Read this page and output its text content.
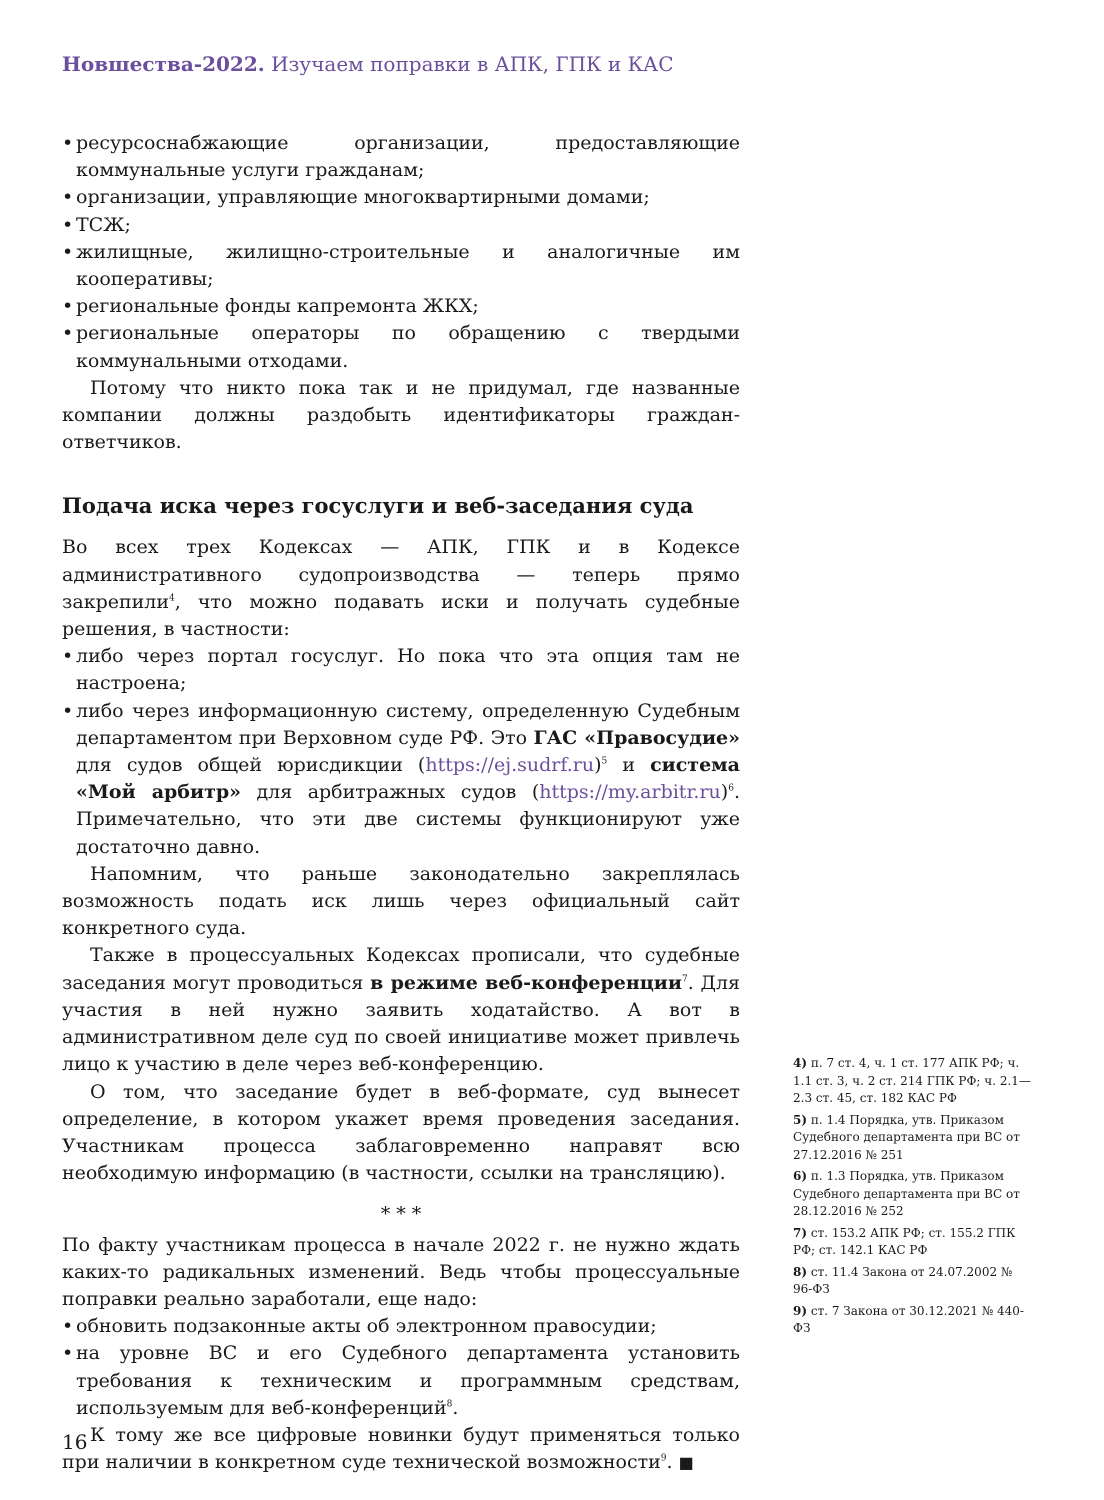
Новшества-2022. Изучаем поправки в АПК, ГПК и КАС
• ресурсоснабжающие организации, предоставляющие коммунальные услуги гражданам;
• организации, управляющие многоквартирными домами;
• ТСЖ;
• жилищные, жилищно-строительные и аналогичные им кооперативы;
• региональные фонды капремонта ЖКХ;
• региональные операторы по обращению с твердыми коммунальными отходами.

Потому что никто пока так и не придумал, где названные компании должны раздобыть идентификаторы граждан-ответчиков.

Подача иска через госуслуги и веб-заседания суда

Во всех трех Кодексах — АПК, ГПК и в Кодексе административного судопроизводства — теперь прямо закрепили$^4$, что можно подавать иски и получать судебные решения, в частности:

• либо через портал госуслуг. Но пока что эта опция там не настроена;
• либо через информационную систему, определенную Судебным департаментом при Верховном суде РФ. Это ГАС «Правосудие» для судов общей юрисдикции (https://ej.sudrf.ru)$^5$ и система «Мой арбитр» для арбитражных судов (https://my.arbitr.ru)$^6$. Примечательно, что эти две системы функционируют уже достаточно давно.

Напомним, что раньше законодательно закреплялась возможность подать иск лишь через официальный сайт конкретного суда.

Также в процессуальных Кодексах прописали, что судебные заседания могут проводиться в режиме веб-конференции$^7$. Для участия в ней нужно заявить ходатайство. А вот в административном деле суд по своей инициативе может привлечь лицо к участию в деле через веб-конференцию.

О том, что заседание будет в веб-формате, суд вынесет определение, в котором укажет время проведения заседания. Участникам процесса заблаговременно направят всю необходимую информацию (в частности, ссылки на трансляцию).

* * *

По факту участникам процесса в начале 2022 г. не нужно ждать каких-то радикальных изменений. Ведь чтобы процессуальные поправки реально заработали, еще надо:

• обновить подзаконные акты об электронном правосудии;
• на уровне ВС и его Судебного департамента установить требования к техническим и программным средствам, используемым для веб-конференций$^8$.

К тому же все цифровые новинки будут применяться только при наличии в конкретном суде технической возможности$^9$. ■

4) п. 7 ст. 4, ч. 1 ст. 177 АПК РФ; ч. 1.1 ст. 3, ч. 2 ст. 214 ГПК РФ; ч. 2.1—2.3 ст. 45, ст. 182 КАС РФ
5) п. 1.4 Порядка, утв. Приказом Судебного департамента при ВС от 27.12.2016 № 251
6) п. 1.3 Порядка, утв. Приказом Судебного департамента при ВС от 28.12.2016 № 252
7) ст. 153.2 АПК РФ; ст. 155.2 ГПК РФ; ст. 142.1 КАС РФ
8) ст. 11.4 Закона от 24.07.2002 № 96-ФЗ
9) ст. 7 Закона от 30.12.2021 № 440-ФЗ
16
